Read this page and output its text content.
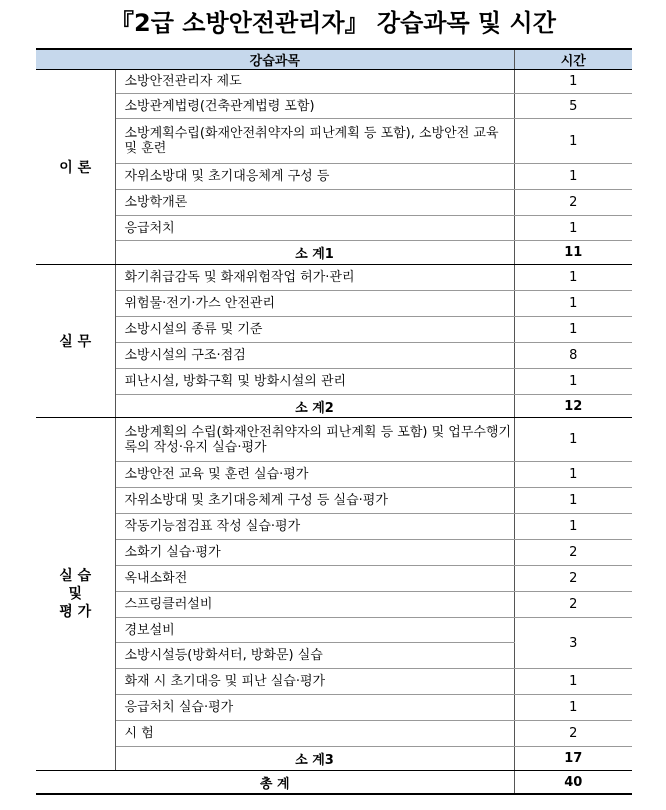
『2급 소방안전관리자』 강습과목 및 시간
강습과목		시간
이 론	소방안전관리자 제도	1
	소방관계법령(건축관계법령 포함)	5
	소방계획수립(화재안전취약자의 피난계획 등 포함), 소방안전 교육 및 훈련	1
	자위소방대 및 초기대응체계 구성 등	1
	소방학개론	2
	응급처치	1
	소 계1	11
실 무	화기취급감독 및 화재위험작업 허가·관리	1
	위험물·전기·가스 안전관리	1
	소방시설의 종류 및 기준	1
	소방시설의 구조·점검	8
	피난시설, 방화구획 및 방화시설의 관리	1
	소 계2	12

실 습
및
평 가	소방계획의 수립(화재안전취약자의 피난계획 등 포함) 및 업무수행기록의 작성·유지 실습·평가	1
	소방안전 교육 및 훈련 실습·평가	1
	자위소방대 및 초기대응체계 구성 등 실습·평가	1
	작동기능점검표 작성 실습·평가	1
	소화기 실습·평가	2
	옥내소화전	2
	스프링클러설비	2
	경보설비	3
	소방시설등(방화셔터, 방화문) 실습	
	화재 시 초기대응 및 피난 실습·평가	1
	응급처치 실습·평가	1
	시 험	2
	소 계3	17
총 계		40
